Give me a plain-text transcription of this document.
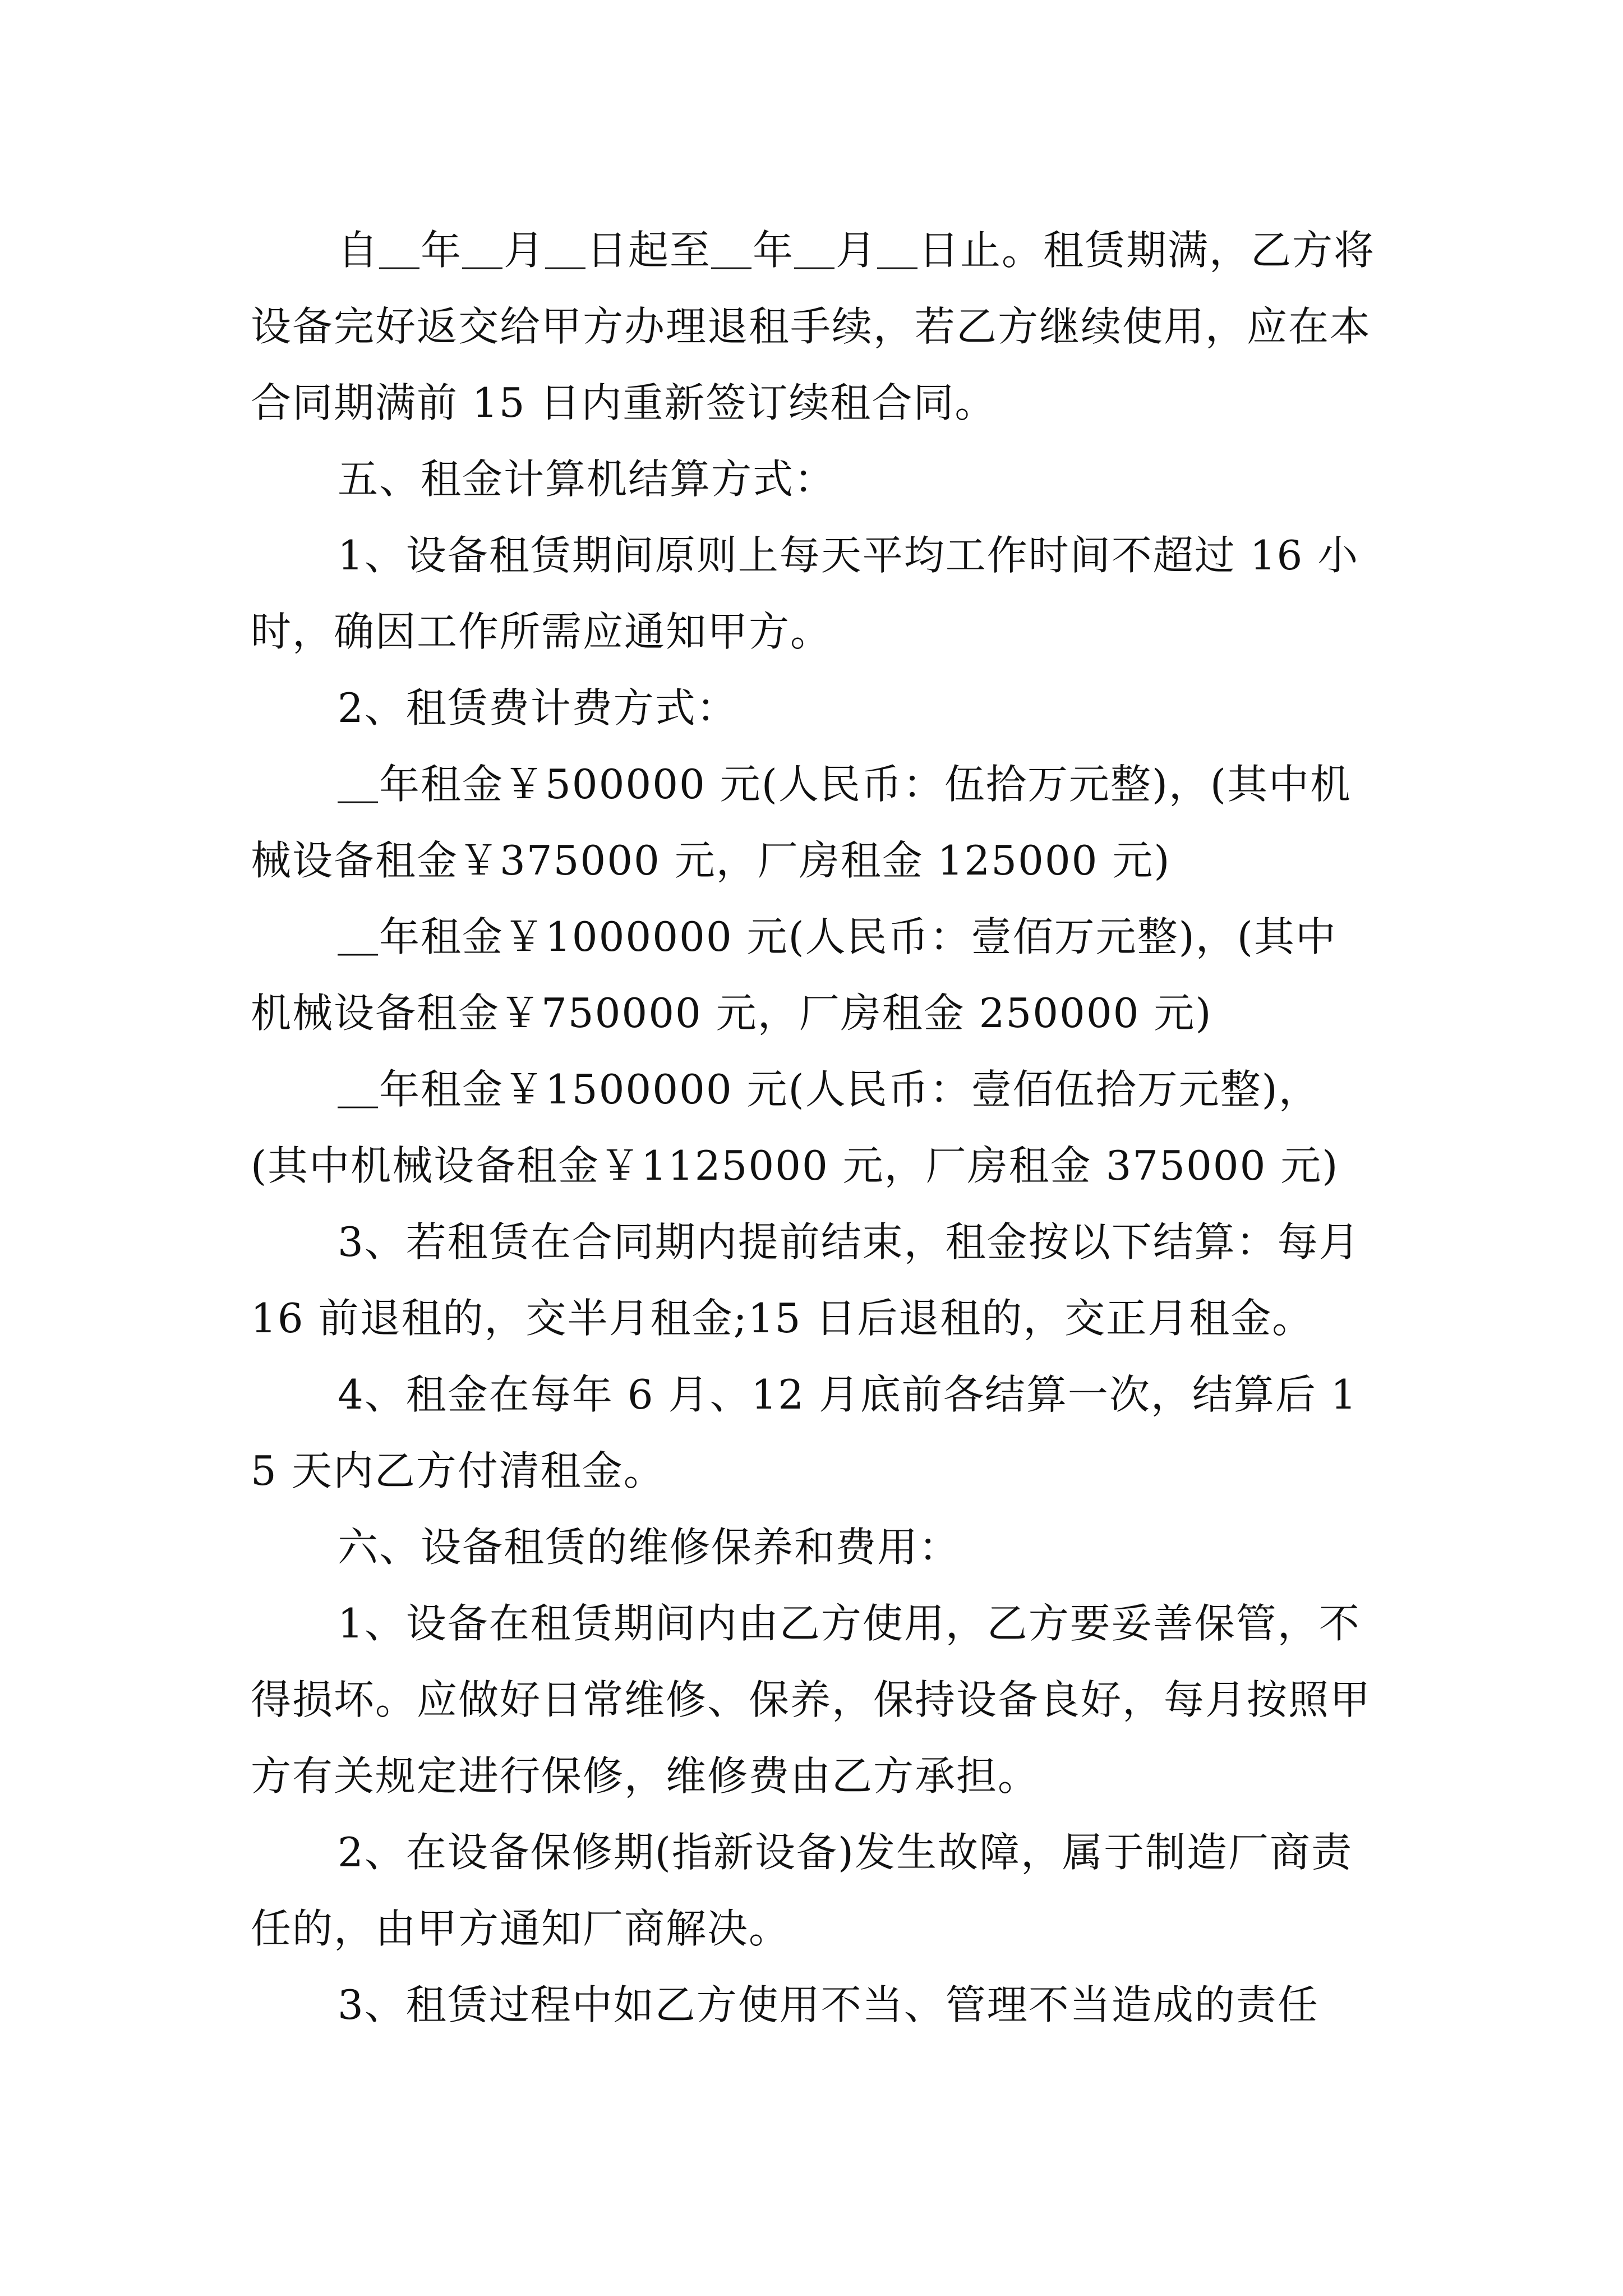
自＿年＿月＿日起至＿年＿月＿日止。租赁期满，乙方将设备完好返交给甲方办理退租手续，若乙方继续使用，应在本合同期满前 15 日内重新签订续租合同。

五、租金计算机结算方式：

1、设备租赁期间原则上每天平均工作时间不超过 16 小时，确因工作所需应通知甲方。

2、租赁费计费方式：

＿年租金￥500000 元(人民币：伍拾万元整)，(其中机械设备租金￥375000 元，厂房租金 125000 元)

＿年租金￥1000000 元(人民币：壹佰万元整)，(其中机械设备租金￥750000 元，厂房租金 250000 元)

＿年租金￥1500000 元(人民币：壹佰伍拾万元整)，(其中机械设备租金￥1125000 元，厂房租金 375000 元)

3、若租赁在合同期内提前结束，租金按以下结算：每月 16 前退租的，交半月租金;15 日后退租的，交正月租金。

4、租金在每年 6 月、12 月底前各结算一次，结算后 15 天内乙方付清租金。

六、设备租赁的维修保养和费用：

1、设备在租赁期间内由乙方使用，乙方要妥善保管，不得损坏。应做好日常维修、保养，保持设备良好，每月按照甲方有关规定进行保修，维修费由乙方承担。

2、在设备保修期(指新设备)发生故障，属于制造厂商责任的，由甲方通知厂商解决。

3、租赁过程中如乙方使用不当、管理不当造成的责任
